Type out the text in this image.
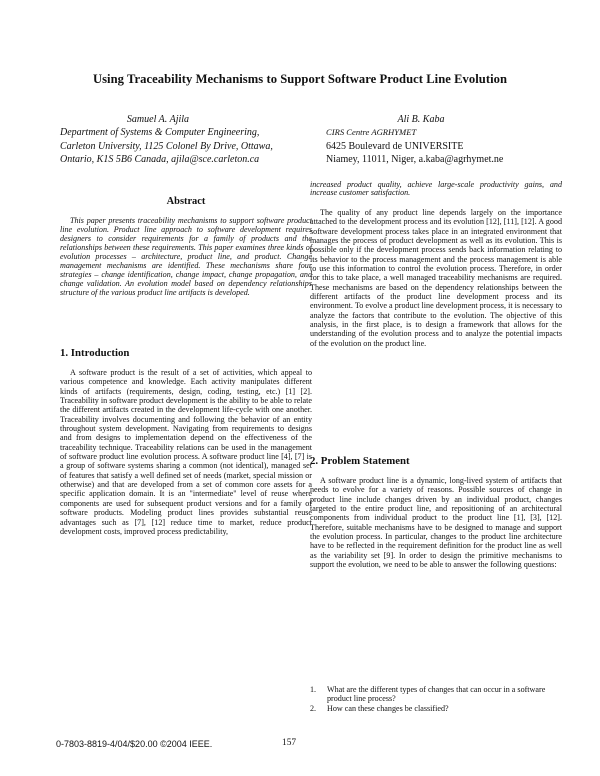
Using Traceability Mechanisms to Support Software Product Line Evolution
Samuel A. Ajila
Department of Systems & Computer Engineering,
Carleton University, 1125 Colonel By Drive, Ottawa,
Ontario, K1S 5B6 Canada, ajila@sce.carleton.ca
Ali B. Kaba
CIRS Centre AGRHYMET
6425 Boulevard de UNIVERSITE
Niamey, 11011, Niger, a.kaba@agrhymet.ne
Abstract
This paper presents traceability mechanisms to support software product line evolution. Product line approach to software development requires designers to consider requirements for a family of products and the relationships between these requirements. This paper examines three kinds of evolution processes – architecture, product line, and product. Change management mechanisms are identified. These mechanisms share four strategies – change identification, change impact, change propagation, and change validation. An evolution model based on dependency relationships structure of the various product line artifacts is developed.
1. Introduction
A software product is the result of a set of activities, which appeal to various competence and knowledge. Each activity manipulates different kinds of artifacts (requirements, design, coding, testing, etc.) [1] [2]. Traceability in software product development is the ability to be able to relate the different artifacts created in the development life-cycle with one another. Traceability involves documenting and following the behavior of an entity throughout system development. Navigating from requirements to designs and from designs to implementation depend on the effectiveness of the traceability technique. Traceability relations can be used in the management of software product line evolution process. A software product line [4], [7] is a group of software systems sharing a common (not identical), managed set of features that satisfy a well defined set of needs (market, special mission or otherwise) and that are developed from a set of common core assets for a specific application domain. It is an "intermediate" level of reuse where components are used for subsequent product versions and for a family of software products. Modeling product lines provides substantial reuse advantages such as [7], [12] reduce time to market, reduce product development costs, improved process predictability,
increased product quality, achieve large-scale productivity gains, and increase customer satisfaction.
The quality of any product line depends largely on the importance attached to the development process and its evolution [12], [11], [12]. A good software development process takes place in an integrated environment that manages the process of product development as well as its evolution. This is possible only if the development process sends back information relating to its behavior to the process management and the process management is able to use this information to control the evolution process. Therefore, in order for this to take place, a well managed traceability mechanisms are required. These mechanisms are based on the dependency relationships between the different artifacts of the product line development process and its environment. To evolve a product line development process, it is necessary to analyze the factors that contribute to the evolution. The objective of this analysis, in the first place, is to design a framework that allows for the understanding of the evolution process and to analyze the potential impacts of the evolution on the product line.
2. Problem Statement
A software product line is a dynamic, long-lived system of artifacts that needs to evolve for a variety of reasons. Possible sources of change in product line include changes driven by an individual product, changes targeted to the entire product line, and repositioning of an architectural components from individual product to the product line [1], [3], [12]. Therefore, suitable mechanisms have to be designed to manage and support the evolution process. In particular, changes to the product line architecture have to be reflected in the requirement definition for the product line as well as the variability set [9]. In order to design the primitive mechanisms to support the evolution, we need to be able to answer the following questions:
1. What are the different types of changes that can occur in a software product line process?
2. How can these changes be classified?
0-7803-8819-4/04/$20.00 ©2004 IEEE.	157
